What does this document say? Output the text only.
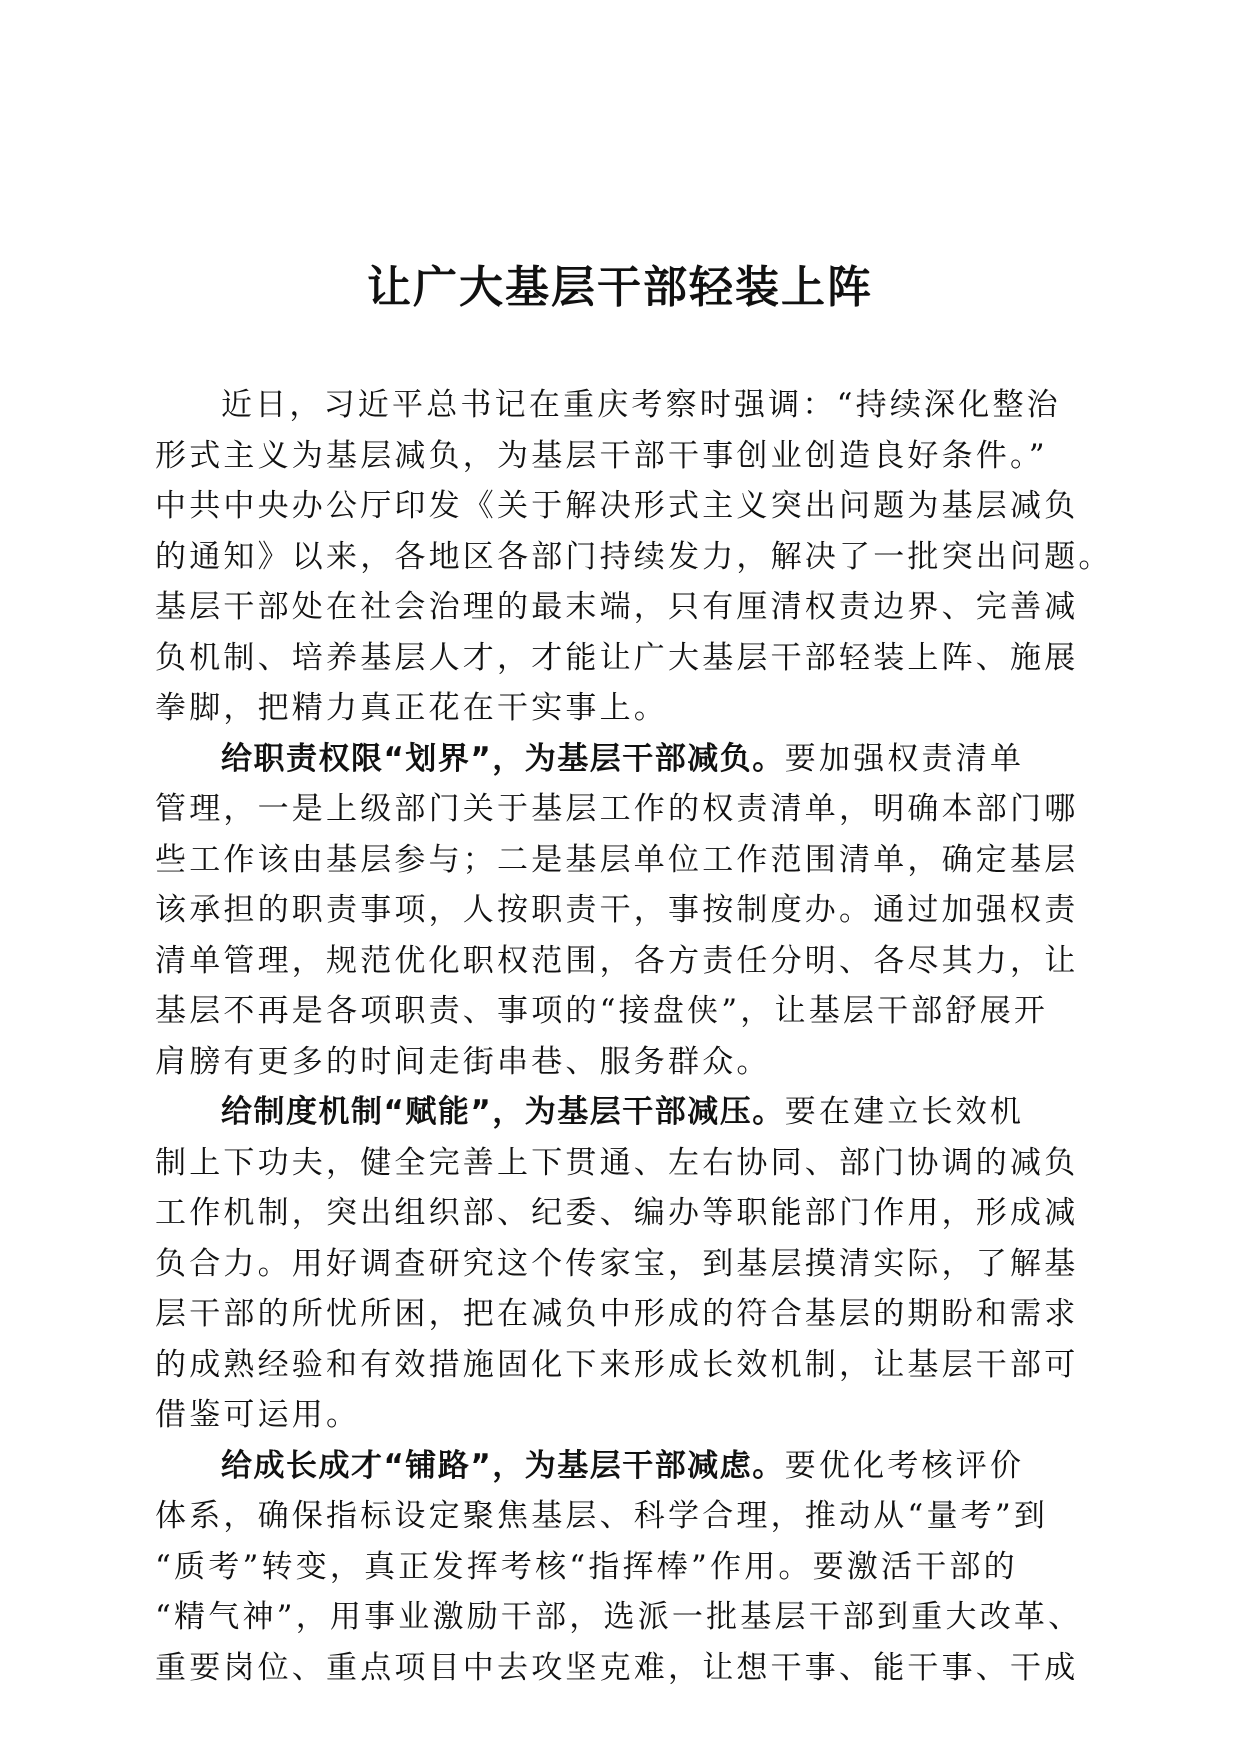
让广大基层干部轻装上阵
近日，习近平总书记在重庆考察时强调：“持续深化整治
形式主义为基层减负，为基层干部干事创业创造良好条件。”
中共中央办公厅印发《关于解决形式主义突出问题为基层减负
的通知》以来，各地区各部门持续发力，解决了一批突出问题。
基层干部处在社会治理的最末端，只有厘清权责边界、完善减
负机制、培养基层人才，才能让广大基层干部轻装上阵、施展
拳脚，把精力真正花在干实事上。
给职责权限“划界”，为基层干部减负。要加强权责清单
管理，一是上级部门关于基层工作的权责清单，明确本部门哪
些工作该由基层参与；二是基层单位工作范围清单，确定基层
该承担的职责事项，人按职责干，事按制度办。通过加强权责
清单管理，规范优化职权范围，各方责任分明、各尽其力，让
基层不再是各项职责、事项的“接盘侠”，让基层干部舒展开
肩膀有更多的时间走街串巷、服务群众。
给制度机制“赋能”，为基层干部减压。要在建立长效机
制上下功夫，健全完善上下贯通、左右协同、部门协调的减负
工作机制，突出组织部、纪委、编办等职能部门作用，形成减
负合力。用好调查研究这个传家宝，到基层摸清实际，了解基
层干部的所忧所困，把在减负中形成的符合基层的期盼和需求
的成熟经验和有效措施固化下来形成长效机制，让基层干部可
借鉴可运用。
给成长成才“铺路”，为基层干部减虑。要优化考核评价
体系，确保指标设定聚焦基层、科学合理，推动从“量考”到
“质考”转变，真正发挥考核“指挥棒”作用。要激活干部的
“精气神”，用事业激励干部，选派一批基层干部到重大改革、
重要岗位、重点项目中去攻坚克难，让想干事、能干事、干成
